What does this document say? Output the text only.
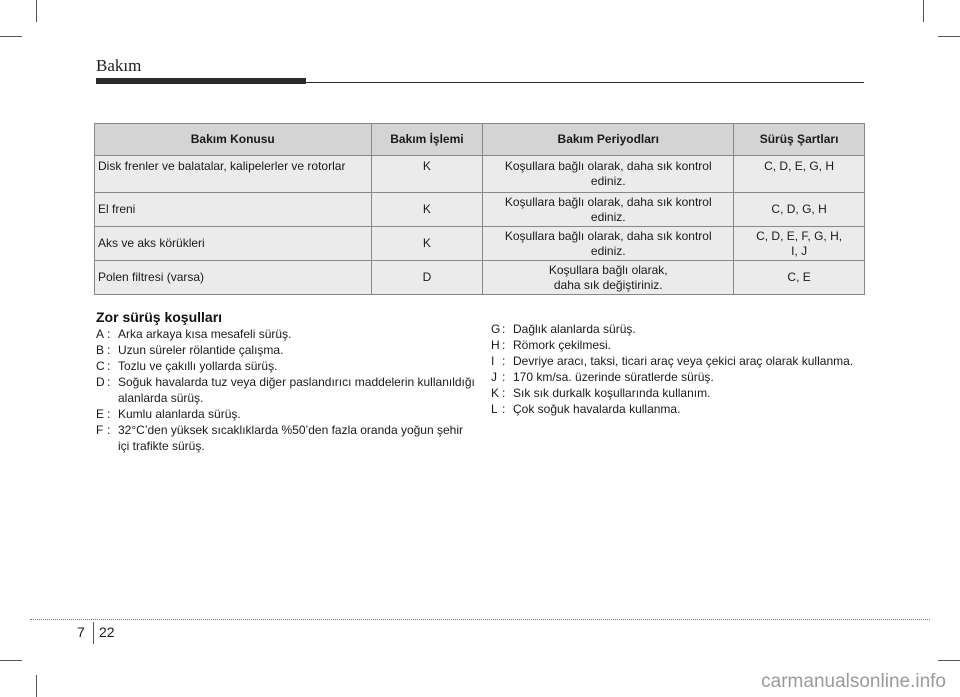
Bakım
Bakım Konusu	Bakım İşlemi	Bakım Periyodları	Sürüş Şartları
Disk frenler ve balatalar, kalipelerler ve rotorlar	K	Koşullara bağlı olarak, daha sık kontrol ediniz.	C, D, E, G, H
El freni	K	Koşullara bağlı olarak, daha sık kontrol ediniz.	C, D, G, H
Aks ve aks körükleri	K	Koşullara bağlı olarak, daha sık kontrol ediniz.	C, D, E, F, G, H, I, J
Polen filtresi (varsa)	D	Koşullara bağlı olarak, daha sık değiştiriniz.	C, E
Zor sürüş koşulları
A : Arka arkaya kısa mesafeli sürüş.
B : Uzun süreler rölantide çalışma.
C : Tozlu ve çakıllı yollarda sürüş.
D : Soğuk havalarda tuz veya diğer paslandırıcı maddelerin kullanıldığı alanlarda sürüş.
E : Kumlu alanlarda sürüş.
F : 32°C’den yüksek sıcaklıklarda %50’den fazla oranda yoğun şehir içi trafikte sürüş.
G : Dağlık alanlarda sürüş.
H : Römork çekilmesi.
I : Devriye aracı, taksi, ticari araç veya çekici araç olarak kullanma.
J : 170 km/sa. üzerinde süratlerde sürüş.
K : Sık sık durkalk koşullarında kullanım.
L : Çok soğuk havalarda kullanma.
7 22
carmanualsonline.info
